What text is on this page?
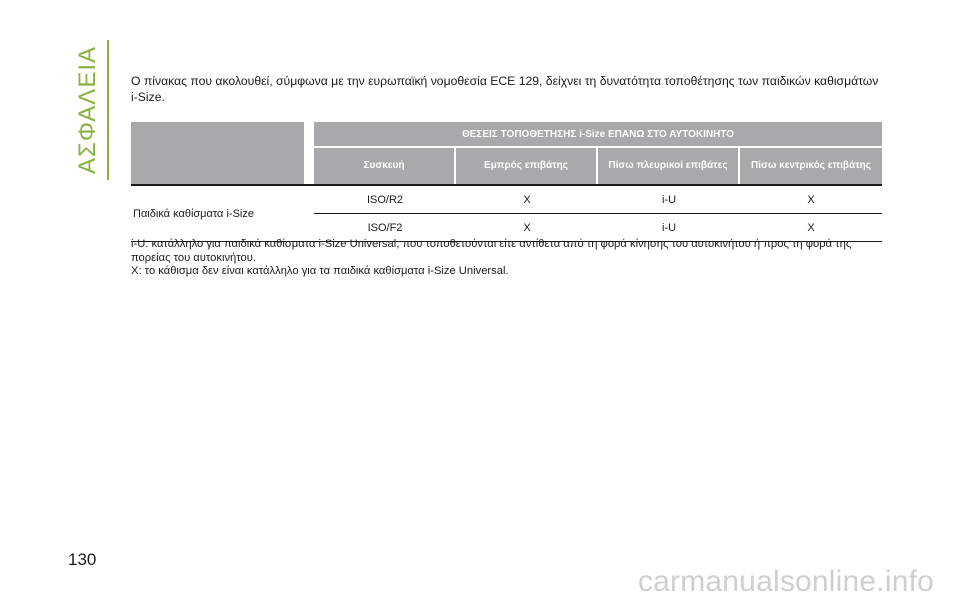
ΑΣΦΑΛΕΙΑ Ο πίνακας που ακολουθεί, σύμφωνα με την ευρωπαϊκή νομοθεσία ECE 129, δείχνει τη δυνατότητα τοποθέτησης των παιδικών καθισμάτων i-Size.

	ΘΕΣΕΙΣ ΤΟΠΟΘΕΤΗΣΗΣ i-Size ΕΠΑΝΩ ΣΤΟ ΑΥΤΟΚΙΝΗΤΟ			
	Συσκευή	Εμπρός επιβάτης	Πίσω πλευρικοί επιβάτες	Πίσω κεντρικός επιβάτης
Παιδικά καθίσματα i-Size	ISO/R2	X	i-U	X
	ISO/F2	X	i-U	X
i-U: κατάλληλο για παιδικά καθίσματα i-Size Universal, που τοποθετούνται είτε αντίθετα από τη φορά κίνησης του αυτοκινήτου ή προς τη φορά της πορείας του αυτοκινήτου.
X: το κάθισμα δεν είναι κατάλληλο για τα παιδικά καθίσματα i-Size Universal.
130
carmanualsonline.info
